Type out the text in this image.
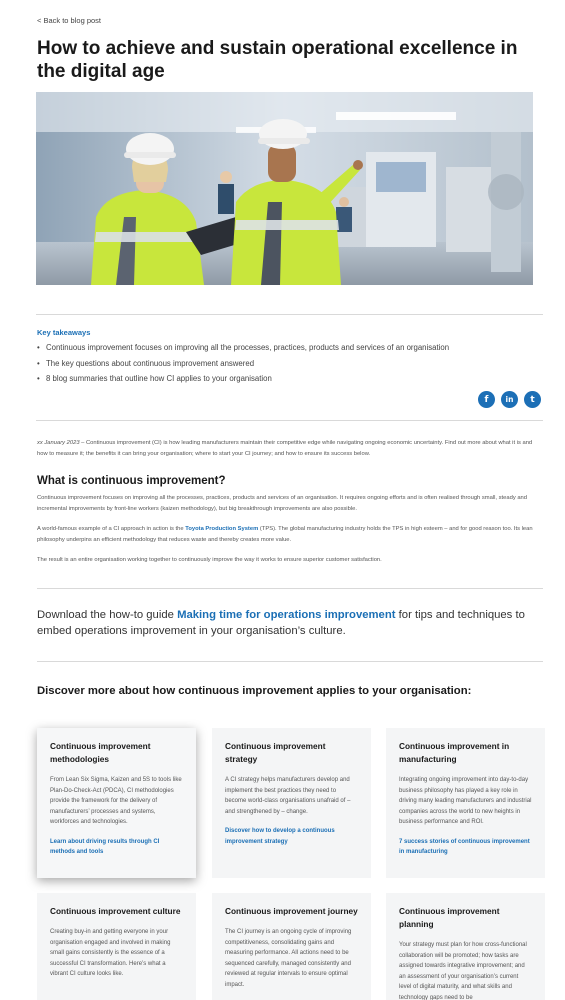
< Back to blog post
How to achieve and sustain operational excellence in the digital age
Key takeaways
• Continuous improvement focuses on improving all the processes, practices, products and services of an organisation
• The key questions about continuous improvement answered
• 8 blog summaries that outline how CI applies to your organisation
f	in	t

xx January 2023 – Continuous improvement (CI) is how leading manufacturers maintain their competitive edge while navigating ongoing economic uncertainty. Find out more about what it is and how to measure it; the benefits it can bring your organisation; where to start your CI journey; and how to ensure its success below.

What is continuous improvement?

Continuous improvement focuses on improving all the processes, practices, products and services of an organisation. It requires ongoing efforts and is often realised through small, steady and incremental improvements by front-line workers (kaizen methodology), but big breakthrough improvements are also possible.

A world-famous example of a CI approach in action is the Toyota Production System (TPS). The global manufacturing industry holds the TPS in high esteem – and for good reason too. Its lean philosophy underpins an efficient methodology that reduces waste and thereby creates more value.

The result is an entire organisation working together to continuously improve the way it works to ensure superior customer satisfaction.

Download the how-to guide Making time for operations improvement for tips and techniques to embed operations improvement in your organisation’s culture.

Discover more about how continuous improvement applies to your organisation:
Continuous improvement methodologies
From Lean Six Sigma, Kaizen and 5S to tools like Plan-Do-Check-Act (PDCA), CI methodologies provide the framework for the delivery of manufacturers’ processes and systems, workforces and technologies.
Learn about driving results through CI methods and tools
Continuous improvement strategy
A CI strategy helps manufacturers develop and implement the best practices they need to become world-class organisations unafraid of – and strengthened by – change.
Discover how to develop a continuous improvement strategy
Continuous improvement in manufacturing
Integrating ongoing improvement into day-to-day business philosophy has played a key role in driving many leading manufacturers and industrial companies across the world to new heights in business performance and ROI.
7 success stories of continuous improvement in manufacturing
Continuous improvement culture
Creating buy-in and getting everyone in your organisation engaged and involved in making small gains consistently is the essence of a successful CI transformation. Here’s what a vibrant CI culture looks like.
Continuous improvement journey
The CI journey is an ongoing cycle of improving competitiveness, consolidating gains and measuring performance. All actions need to be sequenced carefully, managed consistently and reviewed at regular intervals to ensure optimal impact.
Continuous improvement planning
Your strategy must plan for how cross-functional collaboration will be promoted; how tasks are assigned towards integrative improvement; and an assessment of your organisation’s current level of digital maturity, and what skills and technology gaps need to be
